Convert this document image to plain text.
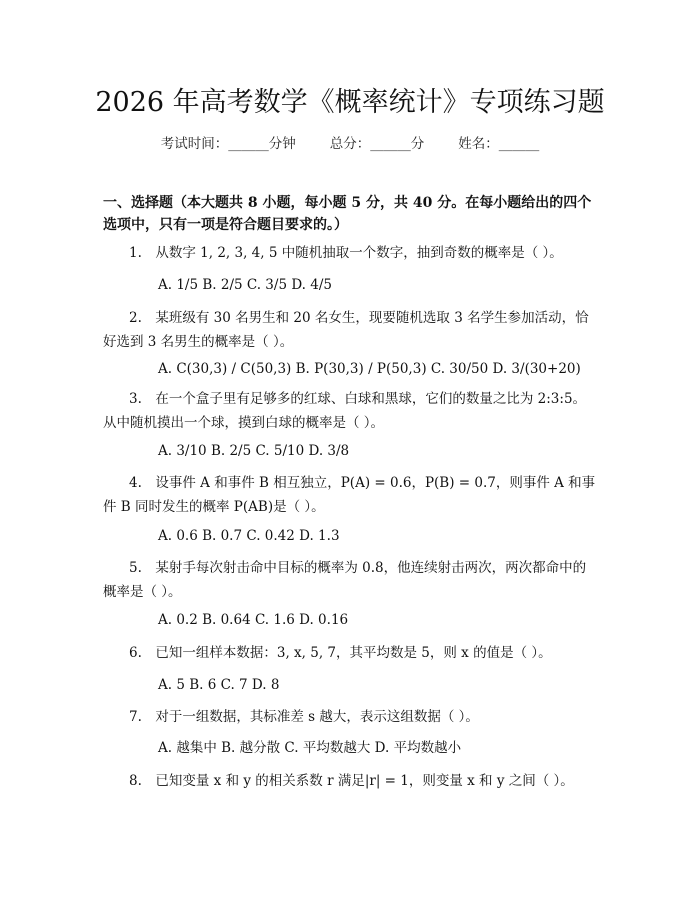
2026 年高考数学《概率统计》专项练习题
考试时间：______分钟	总分：______分	姓名：______
一、选择题（本大题共 8 小题，每小题 5 分，共 40 分。在每小题给出的四个选项中，只有一项是符合题目要求的。）
1.　从数字 1, 2, 3, 4, 5 中随机抽取一个数字，抽到奇数的概率是（ ）。
A. 1/5 B. 2/5 C. 3/5 D. 4/5
2.　某班级有 30 名男生和 20 名女生，现要随机选取 3 名学生参加活动，恰好选到 3 名男生的概率是（ ）。
A. C(30,3) / C(50,3) B. P(30,3) / P(50,3) C. 30/50 D. 3/(30+20)
3.　在一个盒子里有足够多的红球、白球和黑球，它们的数量之比为 2:3:5。从中随机摸出一个球，摸到白球的概率是（ ）。
A. 3/10 B. 2/5 C. 5/10 D. 3/8
4.　设事件 A 和事件 B 相互独立，P(A) = 0.6，P(B) = 0.7，则事件 A 和事件 B 同时发生的概率 P(AB)是（ ）。
A. 0.6 B. 0.7 C. 0.42 D. 1.3
5.　某射手每次射击命中目标的概率为 0.8，他连续射击两次，两次都命中的概率是（ ）。
A. 0.2 B. 0.64 C. 1.6 D. 0.16
6.　已知一组样本数据：3, x, 5, 7，其平均数是 5，则 x 的值是（ ）。
A. 5 B. 6 C. 7 D. 8
7.　对于一组数据，其标准差 s 越大，表示这组数据（ ）。
A. 越集中 B. 越分散 C. 平均数越大 D. 平均数越小
8.　已知变量 x 和 y 的相关系数 r 满足|r| = 1，则变量 x 和 y 之间（ ）。
